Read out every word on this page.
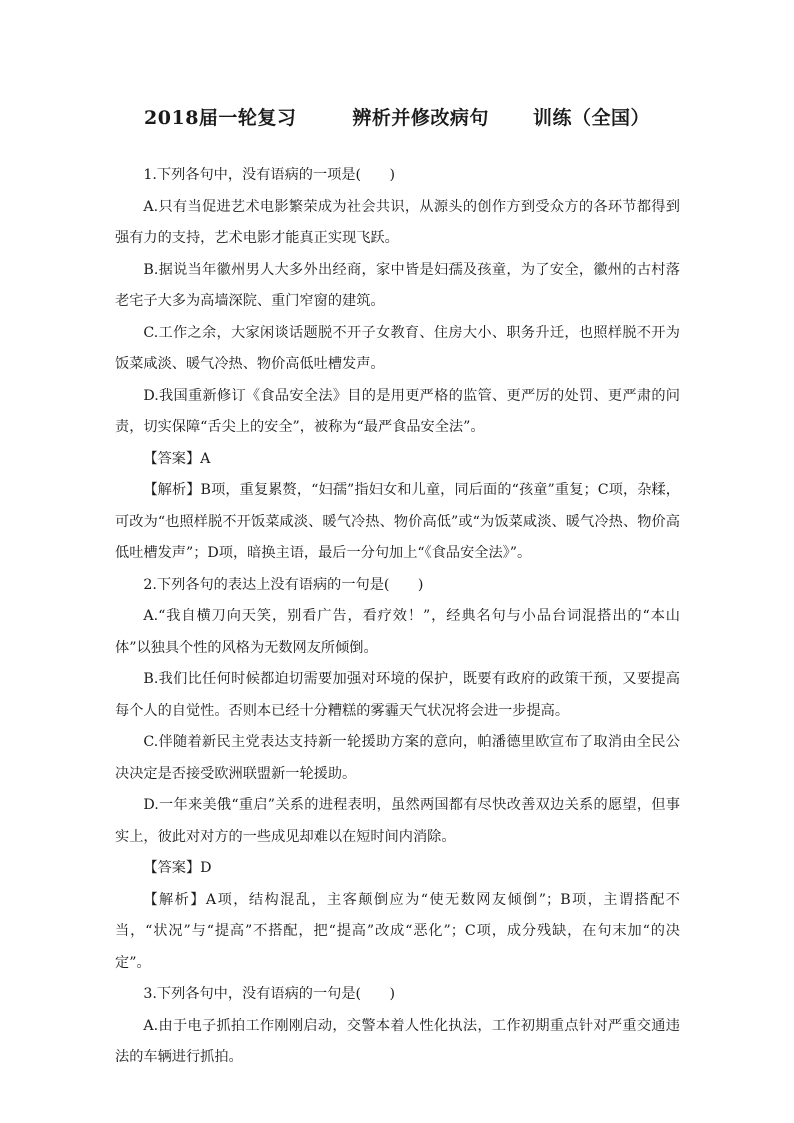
2018届一轮复习	辨析并修改病句 训练（全国）

1.下列各句中，没有语病的一项是(　　)

A.只有当促进艺术电影繁荣成为社会共识，从源头的创作方到受众方的各环节都得到强有力的支持，艺术电影才能真正实现飞跃。

B.据说当年徽州男人大多外出经商，家中皆是妇孺及孩童，为了安全，徽州的古村落老宅子大多为高墙深院、重门窄窗的建筑。

C.工作之余，大家闲谈话题脱不开子女教育、住房大小、职务升迁，也照样脱不开为饭菜咸淡、暖气冷热、物价高低吐槽发声。

D.我国重新修订《食品安全法》目的是用更严格的监管、更严厉的处罚、更严肃的问责，切实保障“舌尖上的安全”，被称为“最严食品安全法”。

【答案】A

【解析】B项，重复累赘，“妇孺”指妇女和儿童，同后面的“孩童”重复；C项，杂糅，可改为“也照样脱不开饭菜咸淡、暖气冷热、物价高低”或“为饭菜咸淡、暖气冷热、物价高低吐槽发声”；D项，暗换主语，最后一分句加上“《食品安全法》”。

2.下列各句的表达上没有语病的一句是(　　)

A.“我自横刀向天笑，别看广告，看疗效！”，经典名句与小品台词混搭出的“本山体”以独具个性的风格为无数网友所倾倒。

B.我们比任何时候都迫切需要加强对环境的保护，既要有政府的政策干预，又要提高每个人的自觉性。否则本已经十分糟糕的雾霾天气状况将会进一步提高。

C.伴随着新民主党表达支持新一轮援助方案的意向，帕潘德里欧宣布了取消由全民公决决定是否接受欧洲联盟新一轮援助。

D.一年来美俄“重启”关系的进程表明，虽然两国都有尽快改善双边关系的愿望，但事实上，彼此对对方的一些成见却难以在短时间内消除。

【答案】D

【解析】A项，结构混乱，主客颠倒应为“使无数网友倾倒”；B项，主谓搭配不当，“状况”与“提高”不搭配，把“提高”改成“恶化”；C项，成分残缺，在句末加“的决定”。

3.下列各句中，没有语病的一句是(　　)

A.由于电子抓拍工作刚刚启动，交警本着人性化执法，工作初期重点针对严重交通违法的车辆进行抓拍。
